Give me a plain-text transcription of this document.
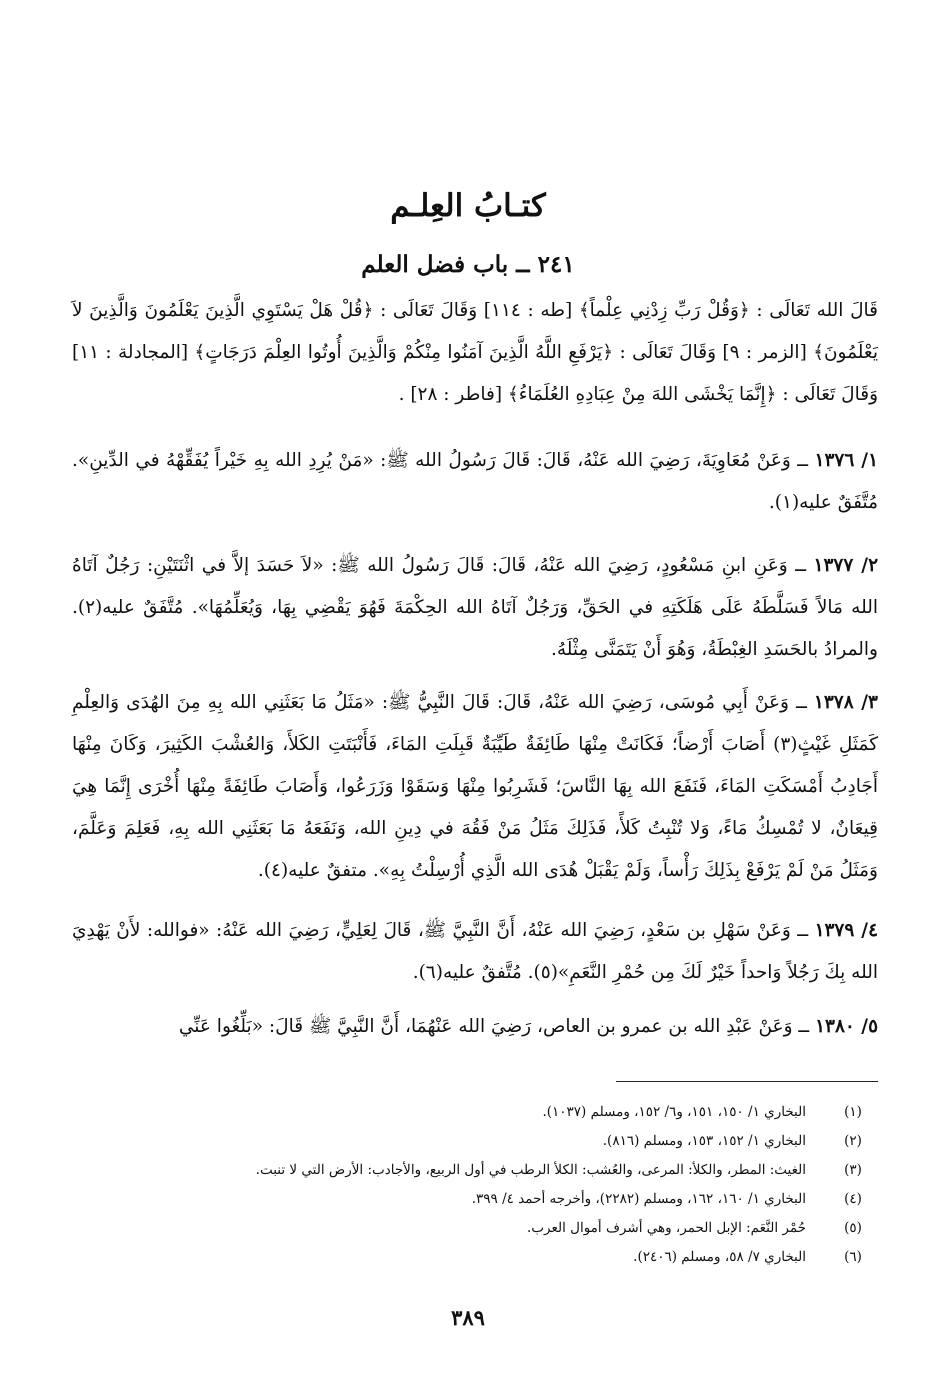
كتـابُ العِلـم
٢٤١ ــ باب فضل العلم

قَالَ الله تَعَالَى : ﴿وَقُلْ رَبِّ زِدْنِي عِلْماً﴾ [طه : ١١٤] وَقَالَ تَعَالَى : ﴿قُلْ هَلْ يَسْتَوِي الَّذِينَ يَعْلَمُونَ وَالَّذِينَ لاَ يَعْلَمُونَ﴾ [الزمر : ٩] وَقَالَ تَعَالَى : ﴿يَرْفَعِ اللَّهُ الَّذِينَ آمَنُوا مِنْكُمْ وَالَّذِينَ أُوتُوا العِلْمَ دَرَجَاتٍ﴾ [المجادلة : ١١] وَقَالَ تَعَالَى : ﴿إِنَّمَا يَخْشَى اللهَ مِنْ عِبَادِهِ العُلَمَاءُ﴾ [فاطر : ٢٨] .

١/ ١٣٧٦ ــ وَعَنْ مُعَاوِيَةَ، رَضِيَ الله عَنْهُ، قَالَ: قَالَ رَسُولُ الله ﷺ: «مَنْ يُرِدِ الله بِهِ خَيْراً يُفَقِّهْهُ في الدِّينِ». مُتَّفَقٌ عليه(١).

٢/ ١٣٧٧ ــ وَعَنِ ابنِ مَسْعُودٍ، رَضِيَ الله عَنْهُ، قَالَ: قَالَ رَسُولُ الله ﷺ: «لاَ حَسَدَ إلاَّ في اثْنَتَيْنِ: رَجُلٌ آتَاهُ الله مَالاً فَسَلَّطَهُ عَلَى هَلَكَتِهِ في الحَقِّ، وَرَجُلٌ آتَاهُ الله الحِكْمَةَ فَهُوَ يَقْضِي بِهَا، وَيُعَلِّمُهَا». مُتَّفَقٌ عليه(٢). والمرادُ بالحَسَدِ الغِبْطَةُ، وَهُوَ أَنْ يَتَمَنَّى مِثْلَهُ.

٣/ ١٣٧٨ ــ وَعَنْ أَبِي مُوسَى، رَضِيَ الله عَنْهُ، قَالَ: قَالَ النَّبِيُّ ﷺ: «مَثَلُ مَا بَعَثَنِي الله بِهِ مِنَ الهُدَى وَالعِلْمِ كَمَثَلِ غَيْثٍ(٣) أَصَابَ أَرْضاً؛ فَكَانَتْ مِنْهَا طَائِفَةٌ طَيِّبَةٌ قَبِلَتِ المَاءَ، فَأَنْبَتَتِ الكَلأَ، وَالعُشْبَ الكَثِيرَ، وَكَانَ مِنْهَا أَجَادِبُ أَمْسَكَتِ المَاءَ، فَنَفَعَ الله بِهَا النَّاسَ؛ فَشَرِبُوا مِنْهَا وَسَقَوْا وَزَرَعُوا، وَأَصَابَ طَائِفَةً مِنْهَا أُخْرَى إِنَّمَا هِيَ قِيعَانٌ، لا تُمْسِكُ مَاءً، وَلا تُنْبِتُ كَلأً، فَذَلِكَ مَثَلُ مَنْ فَقُهَ في دِينِ الله، وَنَفَعَهُ مَا بَعَثَنِي الله بِهِ، فَعَلِمَ وَعَلَّمَ، وَمَثَلُ مَنْ لَمْ يَرْفَعْ بِذَلِكَ رَأْساً، وَلَمْ يَقْبَلْ هُدَى الله الَّذِي أُرْسِلْتُ بِهِ». متفقٌ عليه(٤).

٤/ ١٣٧٩ ــ وَعَنْ سَهْلِ بن سَعْدٍ، رَضِيَ الله عَنْهُ، أَنَّ النَّبِيَّ ﷺ، قَالَ لِعَلِيٍّ، رَضِيَ الله عَنْهُ: «فوالله: لأَنْ يَهْدِيَ الله بِكَ رَجُلاً وَاحداً خَيْرٌ لَكَ مِن حُمْرِ النَّعَمِ»(٥). مُتَّفقٌ عليه(٦).

٥/ ١٣٨٠ ــ وَعَنْ عَبْدِ الله بن عمرو بن العاص، رَضِيَ الله عَنْهُمَا، أَنَّ النَّبِيَّ ﷺ قَالَ: «بَلِّغُوا عَنِّي

(١)
البخاري ١/ ١٥٠، ١٥١، و٦/ ١٥٢، ومسلم (١٠٣٧).
(٢)
البخاري ١/ ١٥٢، ١٥٣، ومسلم (٨١٦).
(٣)
الغيث: المطر، والكلأ: المرعى، والعُشب: الكلأ الرطب في أول الربيع، والأجادب: الأرض التي لا تنبت.
(٤)
البخاري ١/ ١٦٠، ١٦٢، ومسلم (٢٢٨٢)، وأخرجه أحمد ٤/ ٣٩٩.
(٥)
حُمْر النَّعَم: الإبل الحمر، وهي أشرف أموال العرب.
(٦)
البخاري ٧/ ٥٨، ومسلم (٢٤٠٦).
٣٨٩
